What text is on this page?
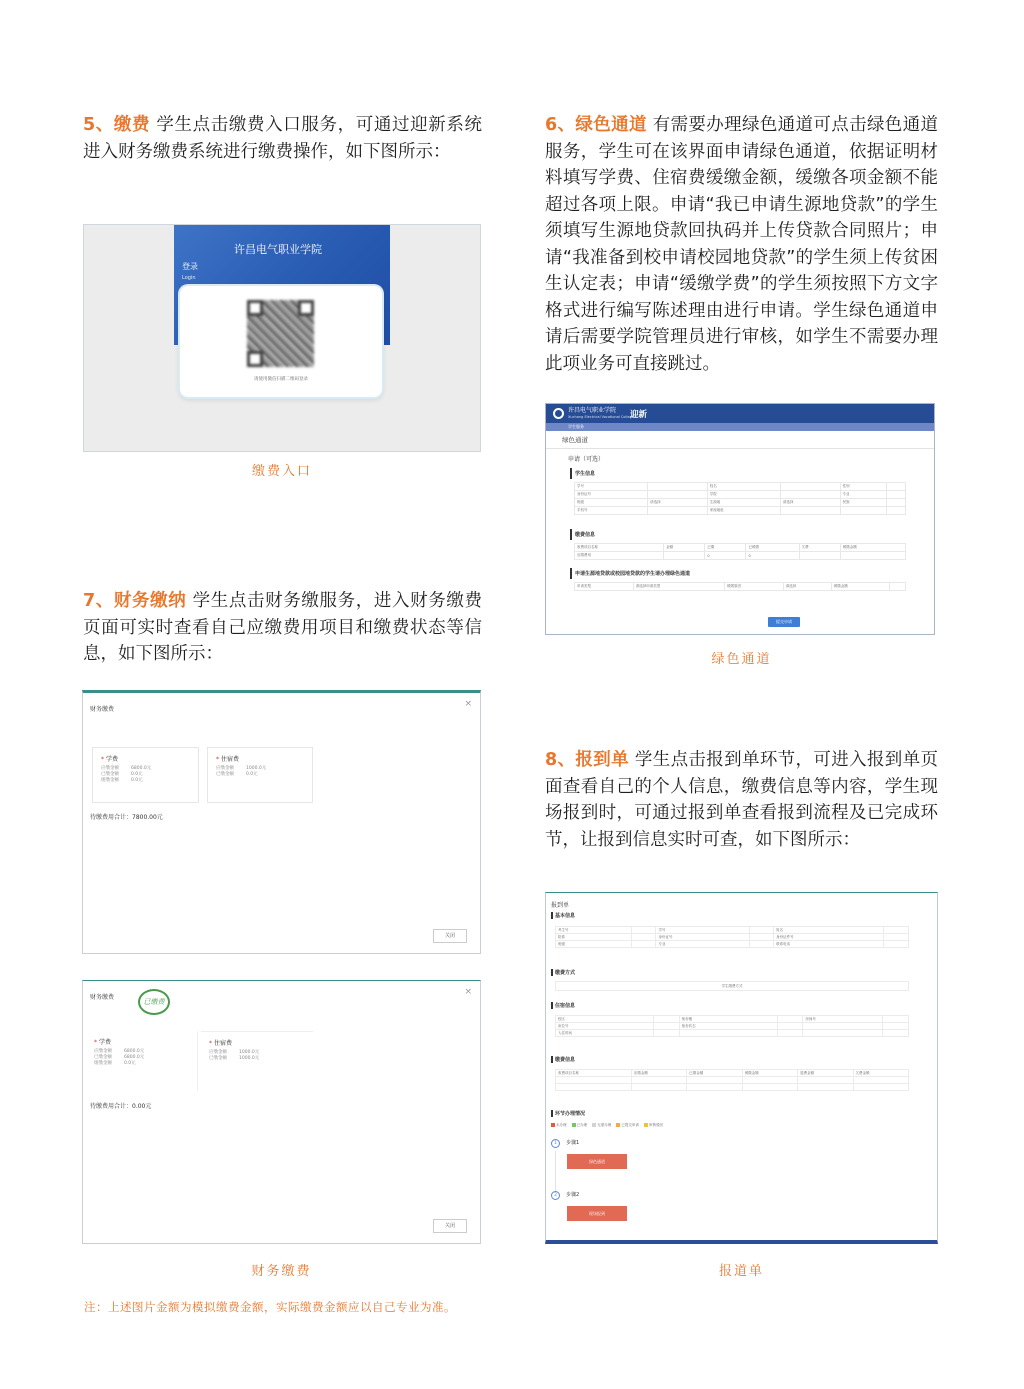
5、缴费 学生点击缴费入口服务，可通过迎新系统进入财务缴费系统进行缴费操作，如下图所示：
6、绿色通道 有需要办理绿色通道可点击绿色通道服务，学生可在该界面申请绿色通道，依据证明材料填写学费、住宿费缓缴金额，缓缴各项金额不能超过各项上限。申请“我已申请生源地贷款”的学生须填写生源地贷款回执码并上传贷款合同照片；申请“我准备到校申请校园地贷款”的学生须上传贫困生认定表；申请“缓缴学费”的学生须按照下方文字格式进行编写陈述理由进行申请。学生绿色通道申请后需要学院管理员进行审核，如学生不需要办理此项业务可直接跳过。
许昌电气职业学院
登录
Login
请使用微信扫描二维码登录
缴费入口
许昌电气职业学院
Xuchang Electrical Vocational College
迎新
学生服务
绿色通道
申请（可选）
学生信息
学号		姓名		性别	
身份证号		学院		专业	
班级	请选择	生源地	请选择	民族	
手机号		家庭地址			
缴费信息
收费项目名称	金额	已缴	已缓缴	欠费	缓缴金额
应缴费用		0	0		
申请生源地贷款或校园地贷款的学生请办理绿色通道
申请类型	请选择申请类型	缓缴原因	请选择	缓缴金额	
提交申请
绿色通道
7、财务缴纳 学生点击财务缴服务，进入财务缴费页面可实时查看自己应缴费用项目和缴费状态等信息，如下图所示：
财务缴费
×
* 学费
应缴金额	6800.0元
已缴金额	0.0元
缓缴金额	0.0元
* 住宿费
应缴金额	1000.0元
已缴金额	0.0元
待缴费用合计：7800.00元
关闭
财务缴费
已缴费
×
* 学费
应缴金额	6800.0元
已缴金额	6800.0元
缓缴金额	0.0元
* 住宿费
应缴金额	1000.0元
已缴金额	1000.0元
待缴费用合计：0.00元
关闭
财务缴费
8、报到单 学生点击报到单环节，可进入报到单页面查看自己的个人信息，缴费信息等内容，学生现场报到时，可通过报到单查看报到流程及已完成环节，让报到信息实时可查，如下图所示：
报到单
基本信息
考生号		学号		姓名	
院系		身份证号		身份证件号	
班级		专业		联系电话	
缴费方式
学生缴费方式
住宿信息
校区		宿舍楼		房间号	
床位号		宿舍状态			
入住时间					
缴费信息
收费项目名称	应缴金额	已缴金额	缓缴金额	退费金额	欠费金额

环节办理情况
未办理	已办理	无需办理	已提交申请	审核驳回
1 步骤1
绿色通道
2 步骤2
现场报到
报道单
注：上述图片金额为模拟缴费金额，实际缴费金额应以自己专业为准。
